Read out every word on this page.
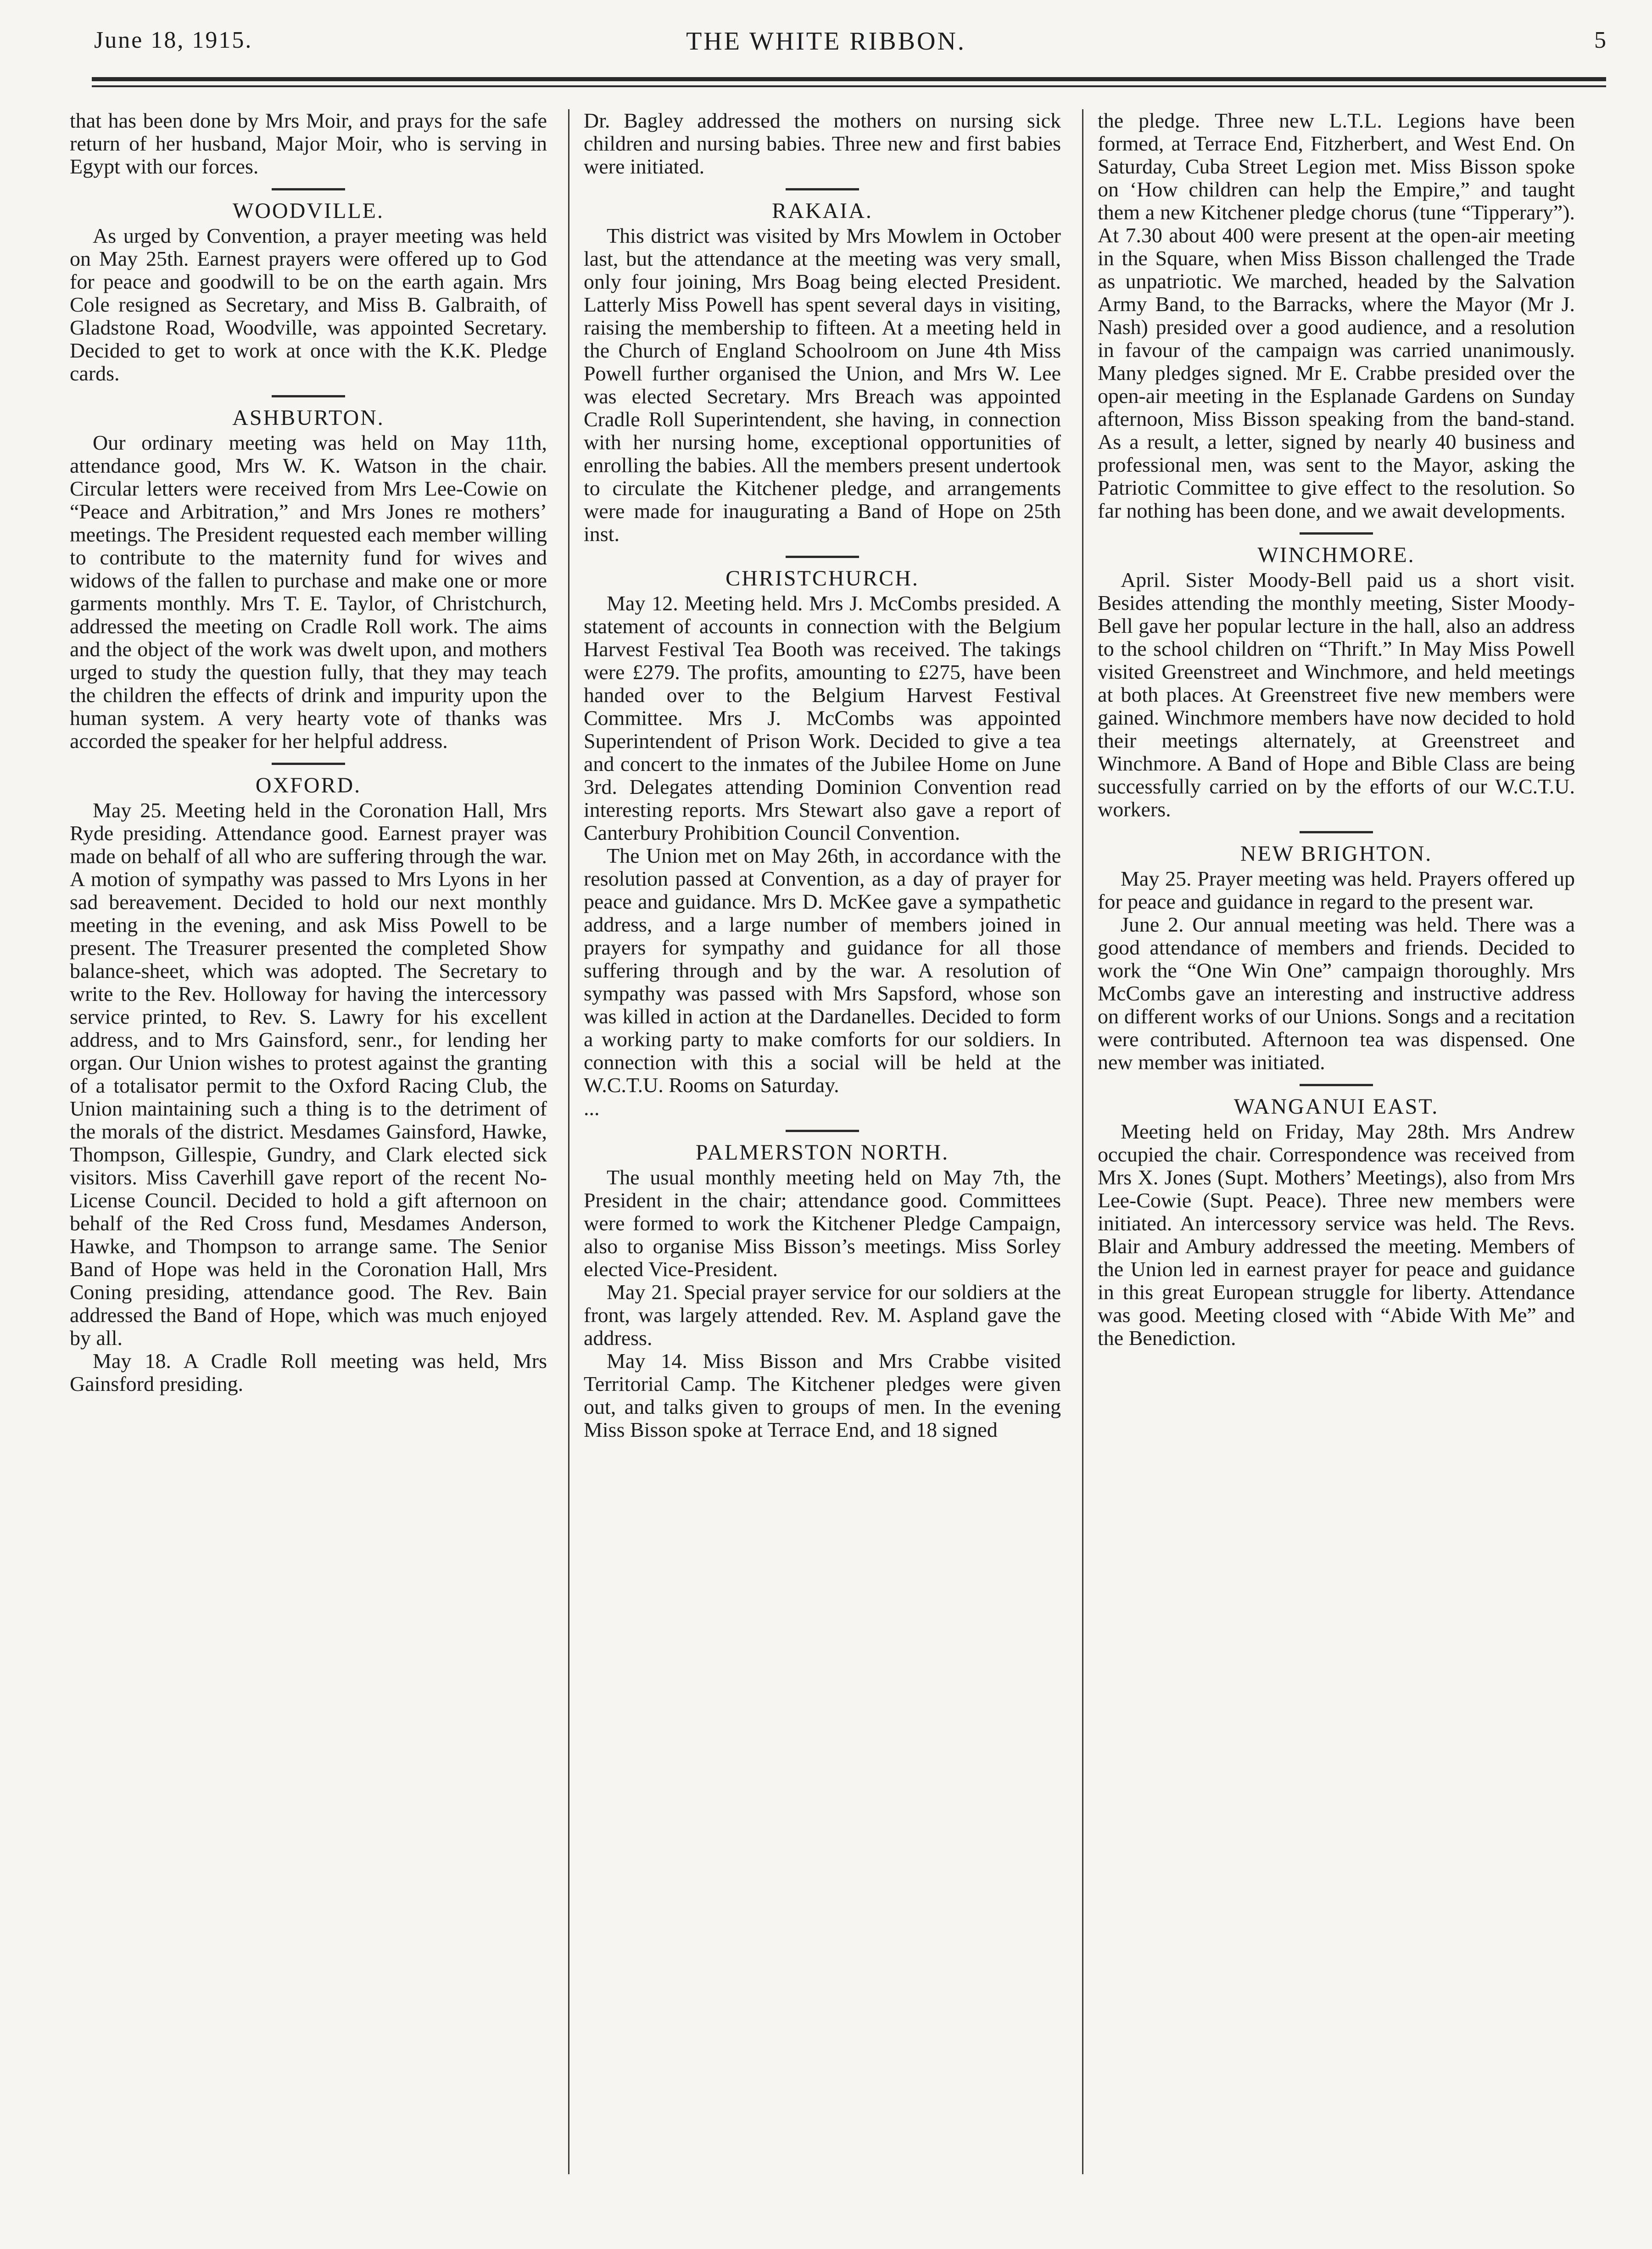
June 18, 1915.	THE WHITE RIBBON.	5

that has been done by Mrs Moir, and prays for the safe return of her husband, Major Moir, who is serving in Egypt with our forces.

WOODVILLE.

As urged by Convention, a prayer meeting was held on May 25th. Earnest prayers were offered up to God for peace and goodwill to be on the earth again. Mrs Cole resigned as Secretary, and Miss B. Galbraith, of Gladstone Road, Woodville, was appointed Secretary. Decided to get to work at once with the K.K. Pledge cards.

ASHBURTON.

Our ordinary meeting was held on May 11th, attendance good, Mrs W. K. Watson in the chair. Circular letters were received from Mrs Lee-Cowie on “Peace and Arbitration,” and Mrs Jones re mothers’ meetings. The President requested each member willing to contribute to the maternity fund for wives and widows of the fallen to purchase and make one or more garments monthly. Mrs T. E. Taylor, of Christchurch, addressed the meeting on Cradle Roll work. The aims and the object of the work was dwelt upon, and mothers urged to study the question fully, that they may teach the children the effects of drink and impurity upon the human system. A very hearty vote of thanks was accorded the speaker for her helpful address.

OXFORD.

May 25. Meeting held in the Coronation Hall, Mrs Ryde presiding. Attendance good. Earnest prayer was made on behalf of all who are suffering through the war. A motion of sympathy was passed to Mrs Lyons in her sad bereavement. Decided to hold our next monthly meeting in the evening, and ask Miss Powell to be present. The Treasurer presented the completed Show balance-sheet, which was adopted. The Secretary to write to the Rev. Holloway for having the intercessory service printed, to Rev. S. Lawry for his excellent address, and to Mrs Gainsford, senr., for lending her organ. Our Union wishes to protest against the granting of a totalisator permit to the Oxford Racing Club, the Union maintaining such a thing is to the detriment of the morals of the district. Mesdames Gainsford, Hawke, Thompson, Gillespie, Gundry, and Clark elected sick visitors. Miss Caverhill gave report of the recent No-License Council. Decided to hold a gift afternoon on behalf of the Red Cross fund, Mesdames Anderson, Hawke, and Thompson to arrange same. The Senior Band of Hope was held in the Coronation Hall, Mrs Coning presiding, attendance good. The Rev. Bain addressed the Band of Hope, which was much enjoyed by all.

May 18. A Cradle Roll meeting was held, Mrs Gainsford presiding.

Dr. Bagley addressed the mothers on nursing sick children and nursing babies. Three new and first babies were initiated.

RAKAIA.

This district was visited by Mrs Mowlem in October last, but the attendance at the meeting was very small, only four joining, Mrs Boag being elected President. Latterly Miss Powell has spent several days in visiting, raising the membership to fifteen. At a meeting held in the Church of England Schoolroom on June 4th Miss Powell further organised the Union, and Mrs W. Lee was elected Secretary. Mrs Breach was appointed Cradle Roll Superintendent, she having, in connection with her nursing home, exceptional opportunities of enrolling the babies. All the members present undertook to circulate the Kitchener pledge, and arrangements were made for inaugurating a Band of Hope on 25th inst.

CHRISTCHURCH.

May 12. Meeting held. Mrs J. McCombs presided. A statement of accounts in connection with the Belgium Harvest Festival Tea Booth was received. The takings were £279. The profits, amounting to £275, have been handed over to the Belgium Harvest Festival Committee. Mrs J. McCombs was appointed Superintendent of Prison Work. Decided to give a tea and concert to the inmates of the Jubilee Home on June 3rd. Delegates attending Dominion Convention read interesting reports. Mrs Stewart also gave a report of Canterbury Prohibition Council Convention.

The Union met on May 26th, in accordance with the resolution passed at Convention, as a day of prayer for peace and guidance. Mrs D. McKee gave a sympathetic address, and a large number of members joined in prayers for sympathy and guidance for all those suffering through and by the war. A resolution of sympathy was passed with Mrs Sapsford, whose son was killed in action at the Dardanelles. Decided to form a working party to make comforts for our soldiers. In connection with this a social will be held at the W.C.T.U. Rooms on Saturday.

...

PALMERSTON NORTH.

The usual monthly meeting held on May 7th, the President in the chair; attendance good. Committees were formed to work the Kitchener Pledge Campaign, also to organise Miss Bisson’s meetings. Miss Sorley elected Vice-President.

May 21. Special prayer service for our soldiers at the front, was largely attended. Rev. M. Aspland gave the address.

May 14. Miss Bisson and Mrs Crabbe visited Territorial Camp. The Kitchener pledges were given out, and talks given to groups of men. In the evening Miss Bisson spoke at Terrace End, and 18 signed

the pledge. Three new L.T.L. Legions have been formed, at Terrace End, Fitzherbert, and West End. On Saturday, Cuba Street Legion met. Miss Bisson spoke on ‘How children can help the Empire,” and taught them a new Kitchener pledge chorus (tune “Tipperary”). At 7.30 about 400 were present at the open-air meeting in the Square, when Miss Bisson challenged the Trade as unpatriotic. We marched, headed by the Salvation Army Band, to the Barracks, where the Mayor (Mr J. Nash) presided over a good audience, and a resolution in favour of the campaign was carried unanimously. Many pledges signed. Mr E. Crabbe presided over the open-air meeting in the Esplanade Gardens on Sunday afternoon, Miss Bisson speaking from the band-stand. As a result, a letter, signed by nearly 40 business and professional men, was sent to the Mayor, asking the Patriotic Committee to give effect to the resolution. So far nothing has been done, and we await developments.

WINCHMORE.

April. Sister Moody-Bell paid us a short visit. Besides attending the monthly meeting, Sister Moody-Bell gave her popular lecture in the hall, also an address to the school children on “Thrift.” In May Miss Powell visited Greenstreet and Winchmore, and held meetings at both places. At Greenstreet five new members were gained. Winchmore members have now decided to hold their meetings alternately, at Greenstreet and Winchmore. A Band of Hope and Bible Class are being successfully carried on by the efforts of our W.C.T.U. workers.

NEW BRIGHTON.

May 25. Prayer meeting was held. Prayers offered up for peace and guidance in regard to the present war.

June 2. Our annual meeting was held. There was a good attendance of members and friends. Decided to work the “One Win One” campaign thoroughly. Mrs McCombs gave an interesting and instructive address on different works of our Unions. Songs and a recitation were contributed. Afternoon tea was dispensed. One new member was initiated.

WANGANUI EAST.

Meeting held on Friday, May 28th. Mrs Andrew occupied the chair. Correspondence was received from Mrs X. Jones (Supt. Mothers’ Meetings), also from Mrs Lee-Cowie (Supt. Peace). Three new members were initiated. An intercessory service was held. The Revs. Blair and Ambury addressed the meeting. Members of the Union led in earnest prayer for peace and guidance in this great European struggle for liberty. Attendance was good. Meeting closed with “Abide With Me” and the Benediction.
